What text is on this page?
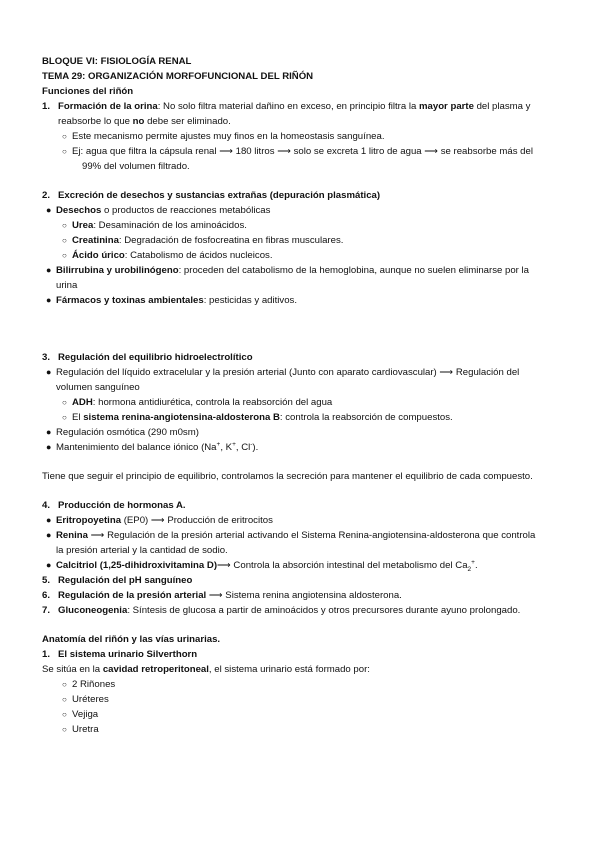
BLOQUE VI: FISIOLOGÍA RENAL
TEMA 29: ORGANIZACIÓN MORFOFUNCIONAL DEL RIÑÓN
Funciones del riñón
1. Formación de la orina: No solo filtra material dañino en exceso, en principio filtra la mayor parte del plasma y
reabsorbe lo que no debe ser eliminado.
○ Este mecanismo permite ajustes muy finos en la homeostasis sanguínea.
○ Ej: agua que filtra la cápsula renal ⟶ 180 litros ⟶ solo se excreta 1 litro de agua ⟶ se reabsorbe más del
99% del volumen filtrado.
2. Excreción de desechos y sustancias extrañas (depuración plasmática)
● Desechos o productos de reacciones metabólicas
○ Urea: Desaminación de los aminoácidos.
○ Creatinina: Degradación de fosfocreatina en fibras musculares.
○ Ácido úrico: Catabolismo de ácidos nucleicos.
● Bilirrubina y urobilinógeno: proceden del catabolismo de la hemoglobina, aunque no suelen eliminarse por la
urina
● Fármacos y toxinas ambientales: pesticidas y aditivos.
3. Regulación del equilibrio hidroelectrolítico
● Regulación del líquido extracelular y la presión arterial (Junto con aparato cardiovascular) ⟶ Regulación del
volumen sanguíneo
○ ADH: hormona antidiurética, controla la reabsorción del agua
○ El sistema renina-angiotensina-aldosterona B: controla la reabsorción de compuestos.
● Regulación osmótica (290 m0sm)
● Mantenimiento del balance iónico (Na+, K+, Cl-).
Tiene que seguir el principio de equilibrio, controlamos la secreción para mantener el equilibrio de cada compuesto.
4. Producción de hormonas A.
● Eritropoyetina (EP0) ⟶ Producción de eritrocitos
● Renina ⟶ Regulación de la presión arterial activando el Sistema Renina-angiotensina-aldosterona que controla
la presión arterial y la cantidad de sodio.
● Calcitriol (1,25-dihidroxivitamina D)⟶ Controla la absorción intestinal del metabolismo del $Ca_2^+$.
5. Regulación del pH sanguíneo
6. Regulación de la presión arterial ⟶ Sistema renina angiotensina aldosterona.
7. Gluconeogenia: Síntesis de glucosa a partir de aminoácidos y otros precursores durante ayuno prolongado.
Anatomía del riñón y las vías urinarias.
1. El sistema urinario Silverthorn
Se sitúa en la cavidad retroperitoneal, el sistema urinario está formado por:
○ 2 Riñones
○ Uréteres
○ Vejiga
○ Uretra
